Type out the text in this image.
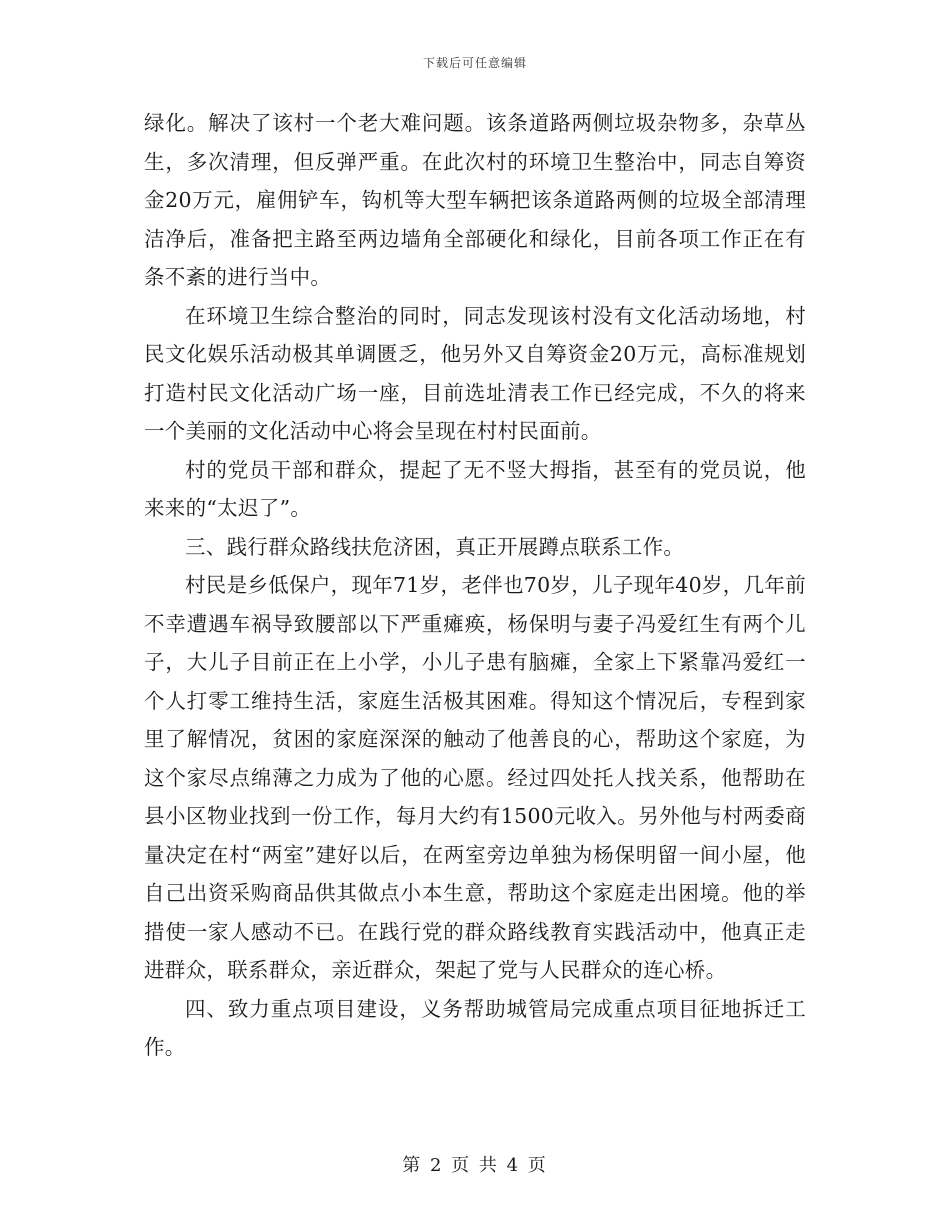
下载后可任意编辑

绿化。解决了该村一个老大难问题。该条道路两侧垃圾杂物多，杂草丛生，多次清理，但反弹严重。在此次村的环境卫生整治中，同志自筹资金20万元，雇佣铲车，钩机等大型车辆把该条道路两侧的垃圾全部清理洁净后，准备把主路至两边墙角全部硬化和绿化，目前各项工作正在有条不紊的进行当中。

在环境卫生综合整治的同时，同志发现该村没有文化活动场地，村民文化娱乐活动极其单调匮乏，他另外又自筹资金20万元，高标准规划打造村民文化活动广场一座，目前选址清表工作已经完成，不久的将来一个美丽的文化活动中心将会呈现在村村民面前。

村的党员干部和群众，提起了无不竖大拇指，甚至有的党员说，他来来的“太迟了”。

三、践行群众路线扶危济困，真正开展蹲点联系工作。

村民是乡低保户，现年71岁，老伴也70岁，儿子现年40岁，几年前不幸遭遇车祸导致腰部以下严重瘫痪，杨保明与妻子冯爱红生有两个儿子，大儿子目前正在上小学，小儿子患有脑瘫，全家上下紧靠冯爱红一个人打零工维持生活，家庭生活极其困难。得知这个情况后，专程到家里了解情况，贫困的家庭深深的触动了他善良的心，帮助这个家庭，为这个家尽点绵薄之力成为了他的心愿。经过四处托人找关系，他帮助在县小区物业找到一份工作，每月大约有1500元收入。另外他与村两委商量决定在村“两室”建好以后，在两室旁边单独为杨保明留一间小屋，他自己出资采购商品供其做点小本生意，帮助这个家庭走出困境。他的举措使一家人感动不已。在践行党的群众路线教育实践活动中，他真正走进群众，联系群众，亲近群众，架起了党与人民群众的连心桥。

四、致力重点项目建设，义务帮助城管局完成重点项目征地拆迁工作。

第 2 页 共 4 页
